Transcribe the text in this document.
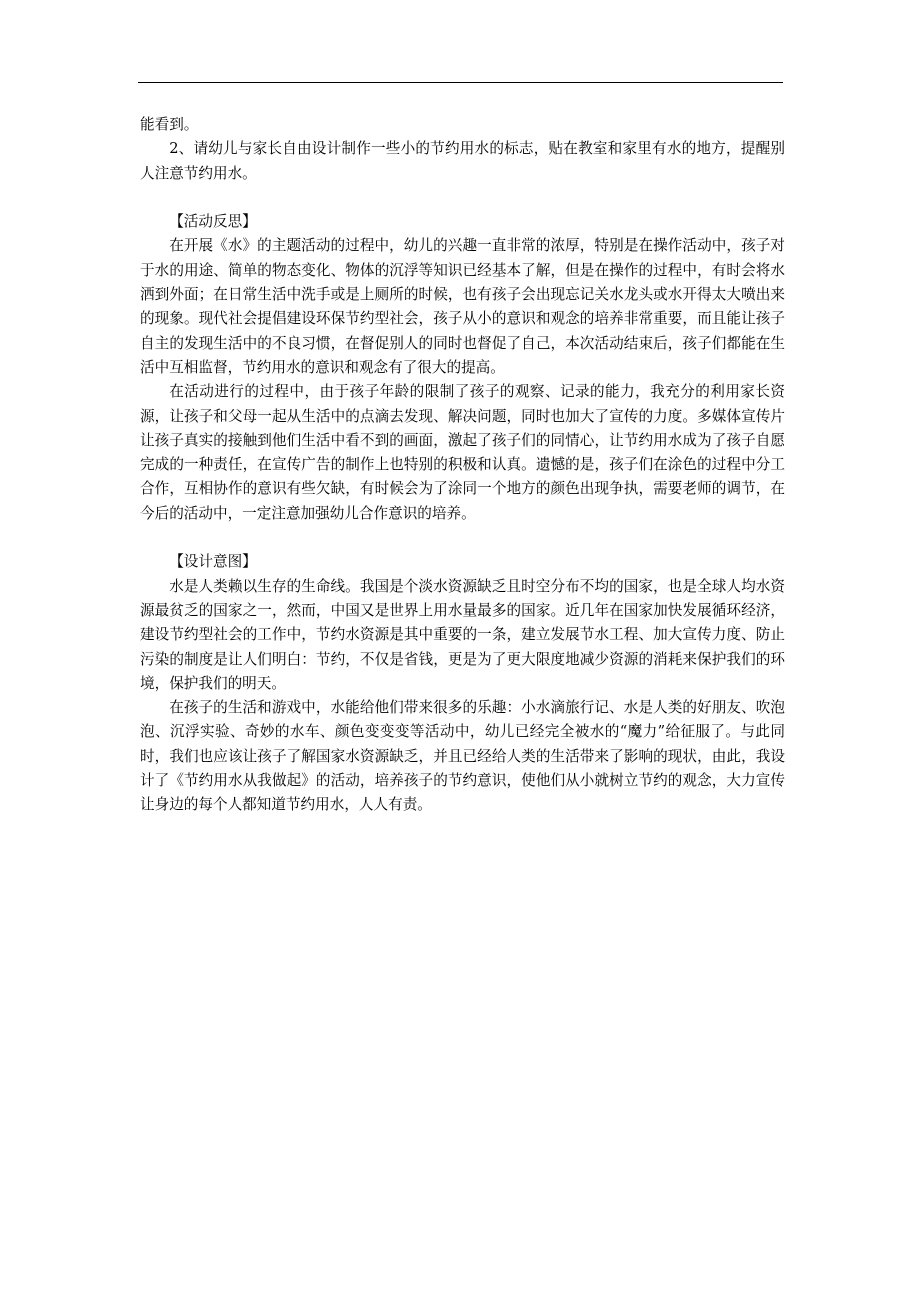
能看到。

2、请幼儿与家长自由设计制作一些小的节约用水的标志，贴在教室和家里有水的地方，提醒别人注意节约用水。

【活动反思】

在开展《水》的主题活动的过程中，幼儿的兴趣一直非常的浓厚，特别是在操作活动中，孩子对于水的用途、简单的物态变化、物体的沉浮等知识已经基本了解，但是在操作的过程中，有时会将水洒到外面；在日常生活中洗手或是上厕所的时候，也有孩子会出现忘记关水龙头或水开得太大喷出来的现象。现代社会提倡建设环保节约型社会，孩子从小的意识和观念的培养非常重要，而且能让孩子自主的发现生活中的不良习惯，在督促别人的同时也督促了自己，本次活动结束后，孩子们都能在生活中互相监督，节约用水的意识和观念有了很大的提高。

在活动进行的过程中，由于孩子年龄的限制了孩子的观察、记录的能力，我充分的利用家长资源，让孩子和父母一起从生活中的点滴去发现、解决问题，同时也加大了宣传的力度。多媒体宣传片让孩子真实的接触到他们生活中看不到的画面，激起了孩子们的同情心，让节约用水成为了孩子自愿完成的一种责任，在宣传广告的制作上也特别的积极和认真。遗憾的是，孩子们在涂色的过程中分工合作，互相协作的意识有些欠缺，有时候会为了涂同一个地方的颜色出现争执，需要老师的调节，在今后的活动中，一定注意加强幼儿合作意识的培养。

【设计意图】

水是人类赖以生存的生命线。我国是个淡水资源缺乏且时空分布不均的国家，也是全球人均水资源最贫乏的国家之一，然而，中国又是世界上用水量最多的国家。近几年在国家加快发展循环经济，建设节约型社会的工作中，节约水资源是其中重要的一条，建立发展节水工程、加大宣传力度、防止污染的制度是让人们明白：节约，不仅是省钱，更是为了更大限度地减少资源的消耗来保护我们的环境，保护我们的明天。

在孩子的生活和游戏中，水能给他们带来很多的乐趣：小水滴旅行记、水是人类的好朋友、吹泡泡、沉浮实验、奇妙的水车、颜色变变变等活动中，幼儿已经完全被水的“魔力”给征服了。与此同时，我们也应该让孩子了解国家水资源缺乏，并且已经给人类的生活带来了影响的现状，由此，我设计了《节约用水从我做起》的活动，培养孩子的节约意识，使他们从小就树立节约的观念，大力宣传让身边的每个人都知道节约用水，人人有责。
